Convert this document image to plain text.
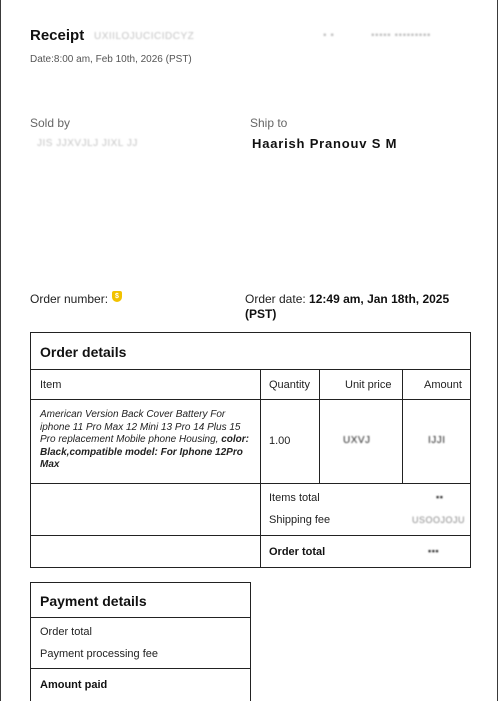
Receipt UXIILOJUCICIDCYZ
Date:8:00 am, Feb 10th, 2026 (PST)
▪ ▪	▪▪▪▪▪ ▪▪▪▪▪▪▪▪▪
Sold by
JIS JJXVJLJ JIXL JJ
Ship to
Haarish Pranouv S M
Order number:	$	Order date: 12:49 am, Jan 18th, 2025 (PST)
Order details
Item	Quantity	Unit price	Amount
American Version Back Cover Battery For iphone 11 Pro Max 12 Mini 13 Pro 14 Plus 15 Pro replacement Mobile phone Housing, color: Black,compatible model: For Iphone 12Pro Max
1.00	UXVJ	IJJI
Items total	▪▪
Shipping fee	USOOJOJU
Order total	▪▪▪
Payment details
Order total
Payment processing fee
Amount paid
